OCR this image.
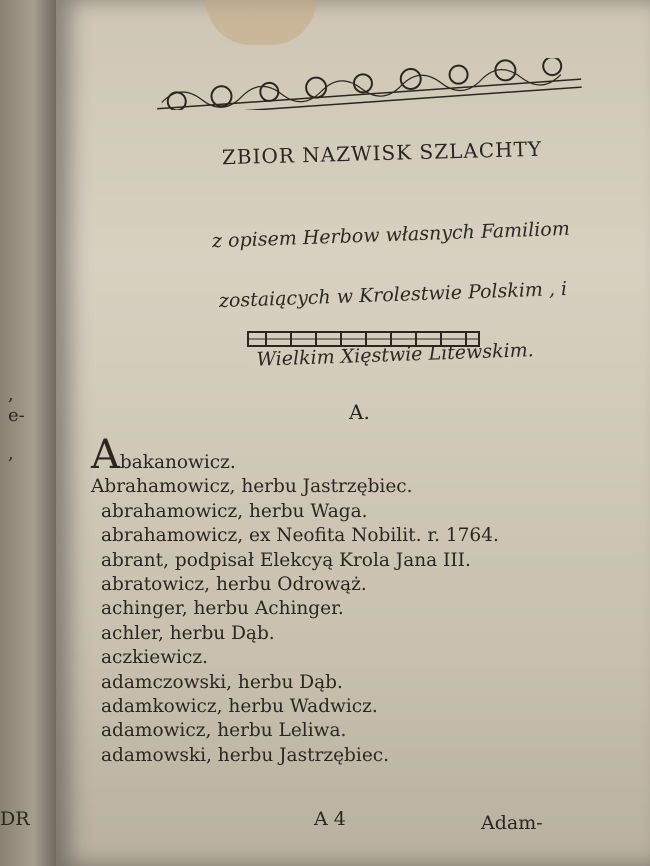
,
e-
,
DR
ZBIOR NAZWISK SZLACHTY

z opisem Herbow własnych Familiom

zostaiących w Krolestwie Polskim , i

Wielkim Xięstwie Litewskim.

A.
Abakanowicz.
Abrahamowicz, herbu Jastrzębiec.
abrahamowicz, herbu Waga.
abrahamowicz, ex Neofita Nobilit. r. 1764.
abrant, podpisał Elekcyą Krola Jana III.
abratowicz, herbu Odrowąż.
achinger, herbu Achinger.
achler, herbu Dąb.
aczkiewicz.
adamczowski, herbu Dąb.
adamkowicz, herbu Wadwicz.
adamowicz, herbu Leliwa.
adamowski, herbu Jastrzębiec.
A 4	Adam-
